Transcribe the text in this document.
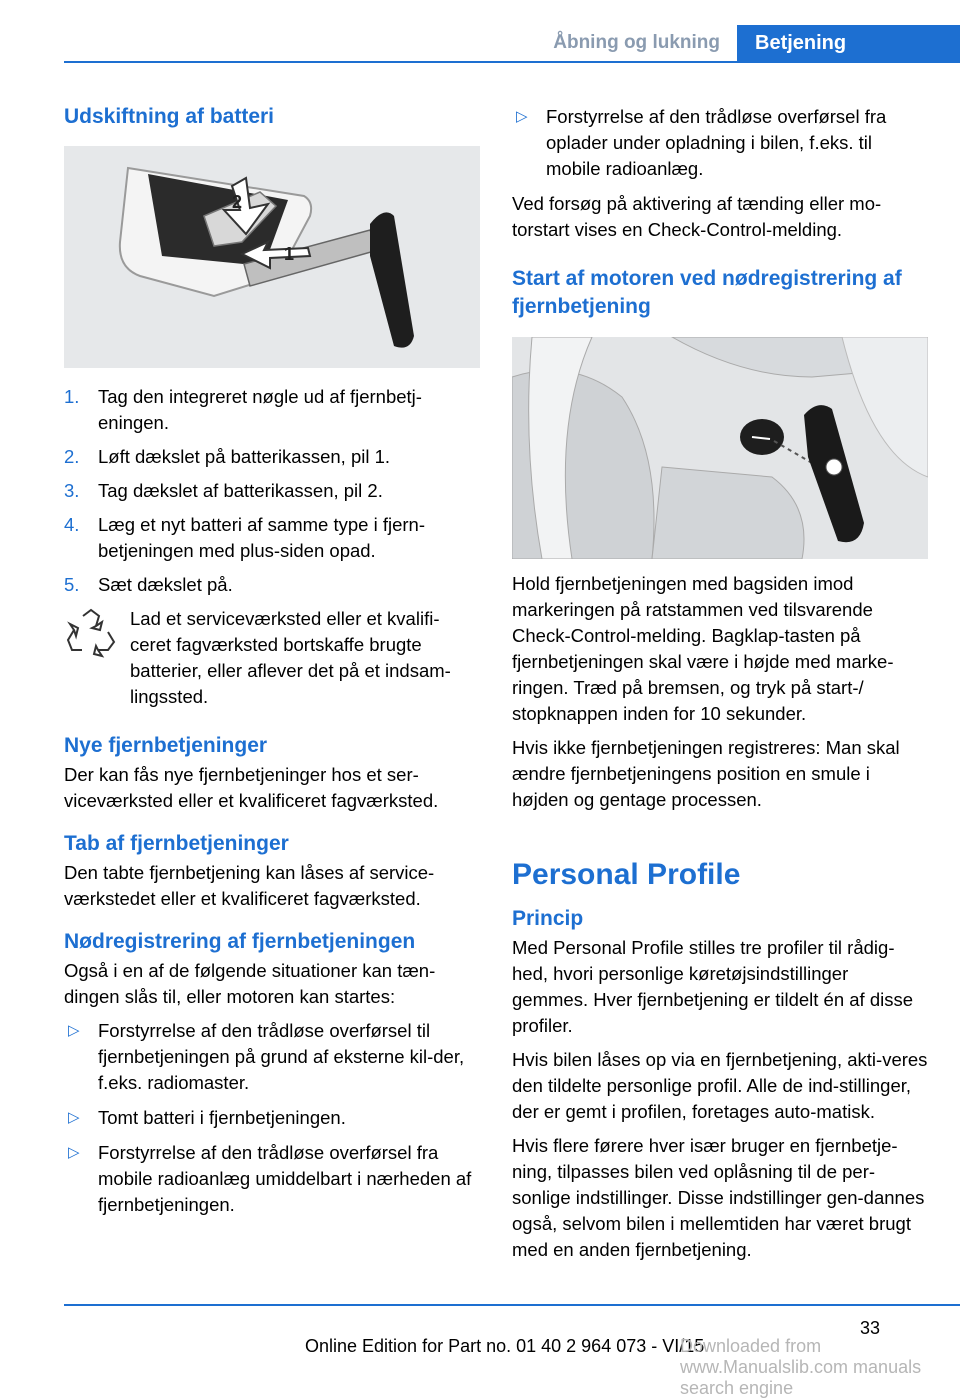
Åbning og lukning	Betjening
Udskiftning af batteri
2
1
1. Tag den integreret nøgle ud af fjernbetj‐eningen.
2. Løft dækslet på batterikassen, pil 1.
3. Tag dækslet af batterikassen, pil 2.
4. Læg et nyt batteri af samme type i fjern‐betjeningen med plus-siden opad.
5. Sæt dækslet på.

Lad et serviceværksted eller et kvalifi‐ceret fagværksted bortskaffe brugte batterier, eller aflever det på et indsam‐lingssted.

Nye fjernbetjeninger

Der kan fås nye fjernbetjeninger hos et ser‐viceværksted eller et kvalificeret fagværksted.

Tab af fjernbetjeninger

Den tabte fjernbetjening kan låses af service‐værkstedet eller et kvalificeret fagværksted.

Nødregistrering af fjernbetjeningen

Også i en af de følgende situationer kan tæn‐dingen slås til, eller motoren kan startes:

▷ Forstyrrelse af den trådløse overførsel til fjernbetjeningen på grund af eksterne kil‐der, f.eks. radiomaster.
▷ Tomt batteri i fjernbetjeningen.
▷ Forstyrrelse af den trådløse overførsel fra mobile radioanlæg umiddelbart i nærheden af fjernbetjeningen.
▷ Forstyrrelse af den trådløse overførsel fra oplader under opladning i bilen, f.eks. til mobile radioanlæg.

Ved forsøg på aktivering af tænding eller mo‐torstart vises en Check-Control-melding.

Start af motoren ved nødregistrering af fjernbetjening

Hold fjernbetjeningen med bagsiden imod markeringen på ratstammen ved tilsvarende Check-Control-melding. Bagklap-tasten på fjernbetjeningen skal være i højde med marke‐ringen. Træd på bremsen, og tryk på start-/ stopknappen inden for 10 sekunder.

Hvis ikke fjernbetjeningen registreres: Man skal ændre fjernbetjeningens position en smule i højden og gentage processen.

Personal Profile
Princip

Med Personal Profile stilles tre profiler til rådig‐hed, hvori personlige køretøjsindstillinger gemmes. Hver fjernbetjening er tildelt én af disse profiler.

Hvis bilen låses op via en fjernbetjening, akti‐veres den tildelte personlige profil. Alle de ind‐stillinger, der er gemt i profilen, foretages auto‐matisk.

Hvis flere førere hver især bruger en fjernbetje‐ning, tilpasses bilen ved oplåsning til de per‐sonlige indstillinger. Disse indstillinger gen‐dannes også, selvom bilen i mellemtiden har været brugt med en anden fjernbetjening.

33
Online Edition for Part no. 01 40 2 964 073 - VI/15
Downloaded from www.Manualslib.com manuals search engine
